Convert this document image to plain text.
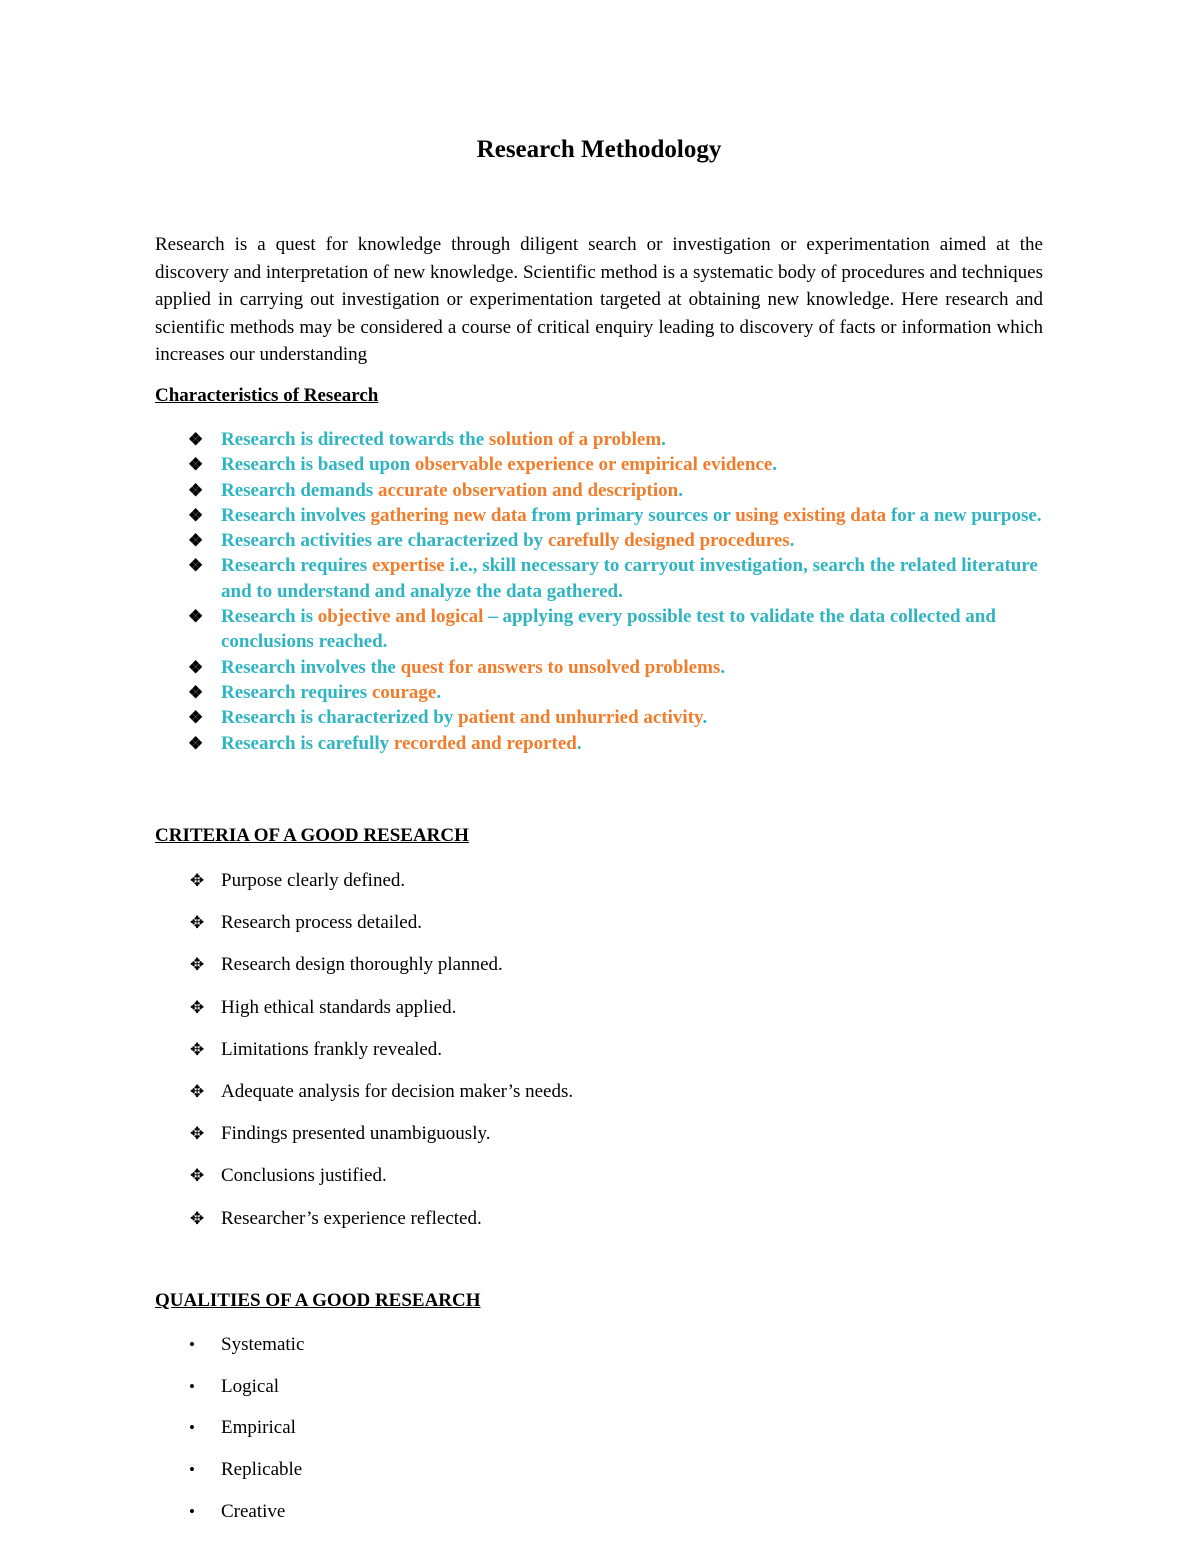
Research Methodology

Research is a quest for knowledge through diligent search or investigation or experimentation aimed at the discovery and interpretation of new knowledge. Scientific method is a systematic body of procedures and techniques applied in carrying out investigation or experimentation targeted at obtaining new knowledge. Here research and scientific methods may be considered a course of critical enquiry leading to discovery of facts or information which increases our understanding

Characteristics of Research
❖ Research is directed towards the solution of a problem.
❖ Research is based upon observable experience or empirical evidence.
❖ Research demands accurate observation and description.
❖ Research involves gathering new data from primary sources or using existing data for a new purpose.
❖ Research activities are characterized by carefully designed procedures.
❖ Research requires expertise i.e., skill necessary to carryout investigation, search the related literature and to understand and analyze the data gathered.
❖ Research is objective and logical – applying every possible test to validate the data collected and conclusions reached.
❖ Research involves the quest for answers to unsolved problems.
❖ Research requires courage.
❖ Research is characterized by patient and unhurried activity.
❖ Research is carefully recorded and reported.
CRITERIA OF A GOOD RESEARCH
✥ Purpose clearly defined.
✥ Research process detailed.
✥ Research design thoroughly planned.
✥ High ethical standards applied.
✥ Limitations frankly revealed.
✥ Adequate analysis for decision maker’s needs.
✥ Findings presented unambiguously.
✥ Conclusions justified.
✥ Researcher’s experience reflected.
QUALITIES OF A GOOD RESEARCH
• Systematic
• Logical
• Empirical
• Replicable
• Creative
